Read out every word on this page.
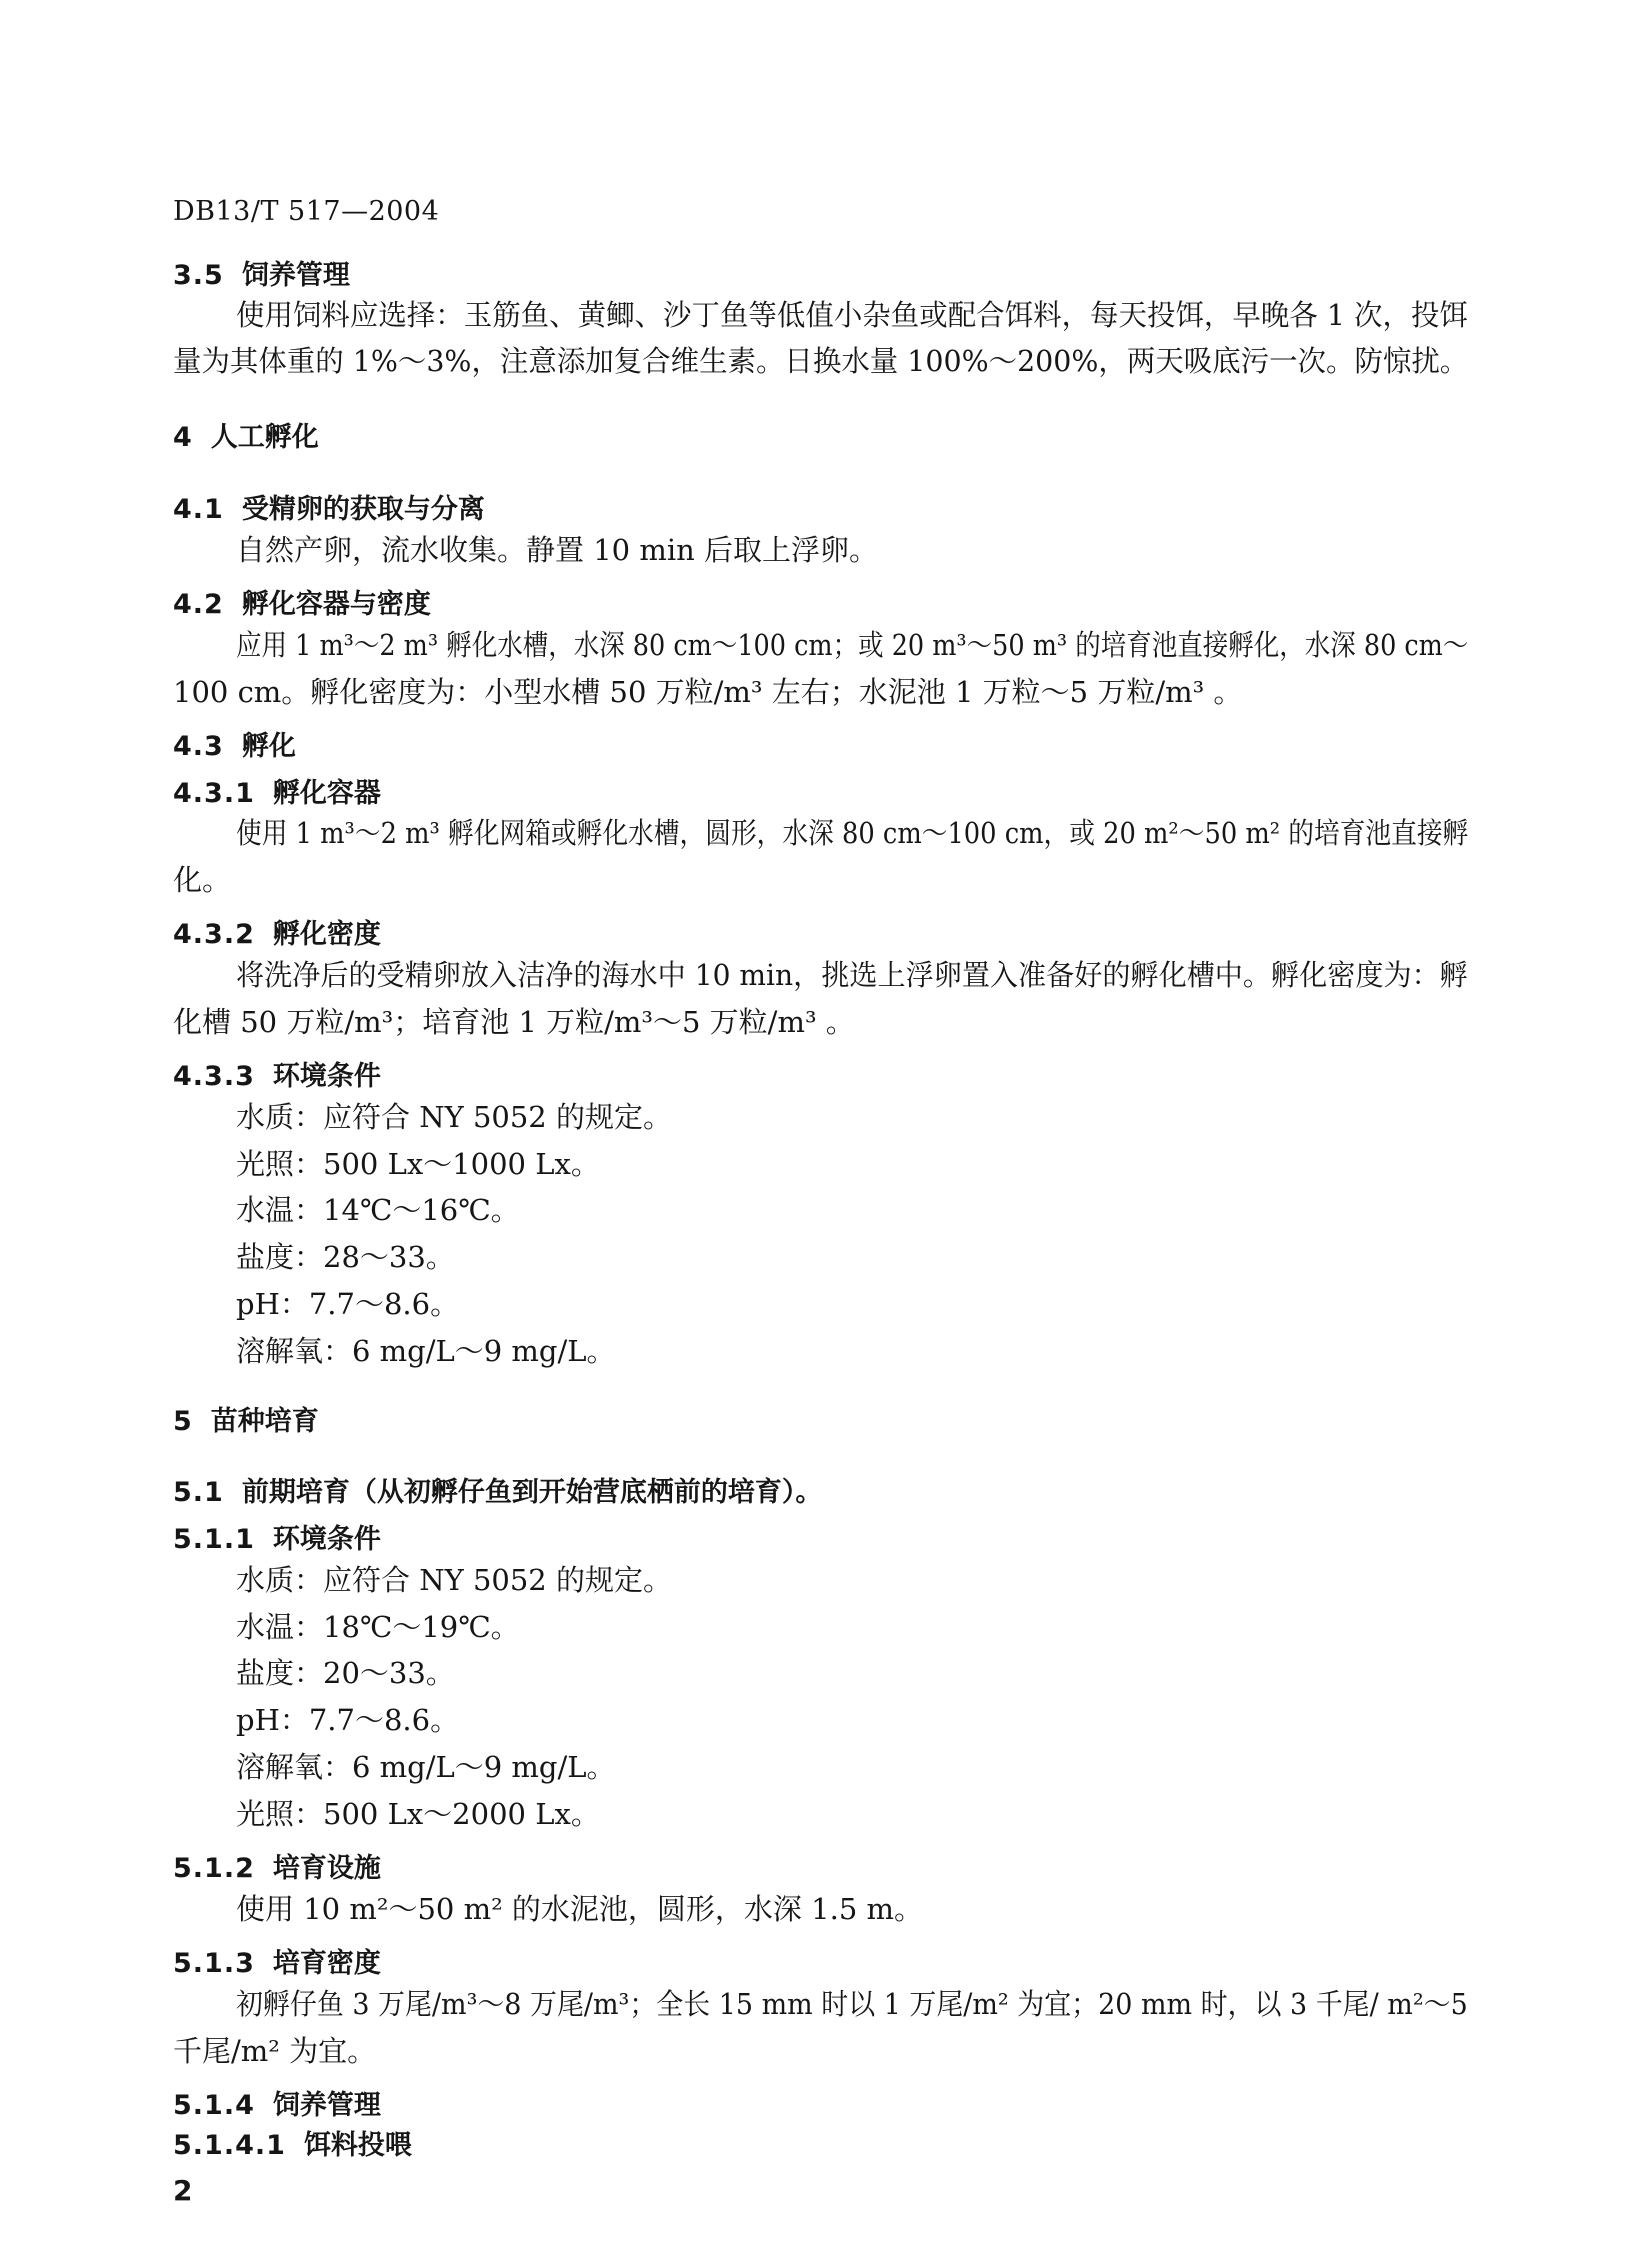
DB13/T 517—2004
3.5 饲养管理
使用饲料应选择：玉筋鱼、黄鲫、沙丁鱼等低值小杂鱼或配合饵料，每天投饵，早晚各 1 次，投饵
量为其体重的 1%～3%，注意添加复合维生素。日换水量 100%～200%，两天吸底污一次。防惊扰。
4 人工孵化
4.1 受精卵的获取与分离
自然产卵，流水收集。静置 10 min 后取上浮卵。
4.2 孵化容器与密度
应用 1 m³～2 m³ 孵化水槽，水深 80 cm～100 cm；或 20 m³～50 m³ 的培育池直接孵化，水深 80 cm～
100 cm。孵化密度为：小型水槽 50 万粒/m³ 左右；水泥池 1 万粒～5 万粒/m³ 。
4.3 孵化
4.3.1 孵化容器
使用 1 m³～2 m³ 孵化网箱或孵化水槽，圆形，水深 80 cm～100 cm，或 20 m²～50 m² 的培育池直接孵
化。
4.3.2 孵化密度
将洗净后的受精卵放入洁净的海水中 10 min，挑选上浮卵置入准备好的孵化槽中。孵化密度为：孵
化槽 50 万粒/m³；培育池 1 万粒/m³～5 万粒/m³ 。
4.3.3 环境条件
水质：应符合 NY 5052 的规定。
光照：500 Lx～1000 Lx。
水温：14℃～16℃。
盐度：28～33。
pH：7.7～8.6。
溶解氧：6 mg/L～9 mg/L。
5 苗种培育
5.1 前期培育（从初孵仔鱼到开始营底栖前的培育）。
5.1.1 环境条件
水质：应符合 NY 5052 的规定。
水温：18℃～19℃。
盐度：20～33。
pH：7.7～8.6。
溶解氧：6 mg/L～9 mg/L。
光照：500 Lx～2000 Lx。
5.1.2 培育设施
使用 10 m²～50 m² 的水泥池，圆形，水深 1.5 m。
5.1.3 培育密度
初孵仔鱼 3 万尾/m³～8 万尾/m³；全长 15 mm 时以 1 万尾/m² 为宜；20 mm 时，以 3 千尾/ m²～5
千尾/m² 为宜。
5.1.4 饲养管理
5.1.4.1 饵料投喂
2
